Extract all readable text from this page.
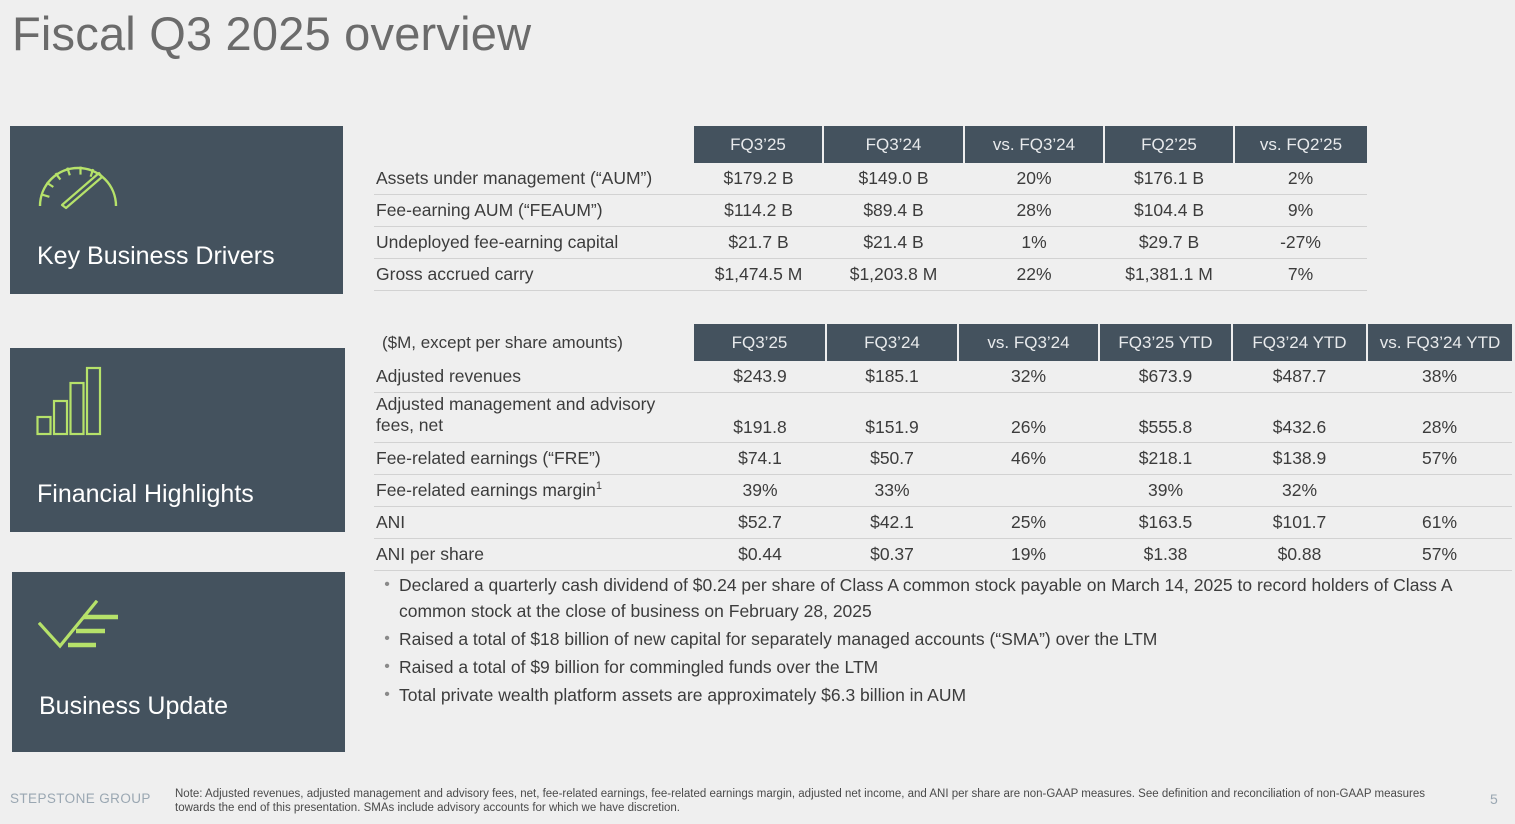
Fiscal Q3 2025 overview
Key Business Drivers
Financial Highlights
Business Update
	FQ3’25	FQ3’24	vs. FQ3’24	FQ2’25	vs. FQ2’25
Assets under management (“AUM”)	$179.2 B	$149.0 B	20%	$176.1 B	2%
Fee-earning AUM (“FEAUM”)	$114.2 B	$89.4 B	28%	$104.4 B	9%
Undeployed fee-earning capital	$21.7 B	$21.4 B	1%	$29.7 B	-27%
Gross accrued carry	$1,474.5 M	$1,203.8 M	22%	$1,381.1 M	7%
($M, except per share amounts)	FQ3’25	FQ3’24	vs. FQ3’24	FQ3’25 YTD	FQ3’24 YTD	vs. FQ3’24 YTD
Adjusted revenues	$243.9	$185.1	32%	$673.9	$487.7	38%
Adjusted management and advisory fees, net	$191.8	$151.9	26%	$555.8	$432.6	28%
Fee-related earnings (“FRE”)	$74.1	$50.7	46%	$218.1	$138.9	57%
Fee-related earnings margin$^1$	39%	33%		39%	32%	
ANI	$52.7	$42.1	25%	$163.5	$101.7	61%
ANI per share	$0.44	$0.37	19%	$1.38	$0.88	57%
• Declared a quarterly cash dividend of $0.24 per share of Class A common stock payable on March 14, 2025 to record holders of Class A common stock at the close of business on February 28, 2025
• Raised a total of $18 billion of new capital for separately managed accounts (“SMA”) over the LTM
• Raised a total of $9 billion for commingled funds over the LTM
• Total private wealth platform assets are approximately $6.3 billion in AUM
STEPSTONE GROUP Note: Adjusted revenues, adjusted management and advisory fees, net, fee-related earnings, fee-related earnings margin, adjusted net income, and ANI per share are non-GAAP measures. See definition and reconciliation of non-GAAP measures towards the end of this presentation. SMAs include advisory accounts for which we have discretion.
5
